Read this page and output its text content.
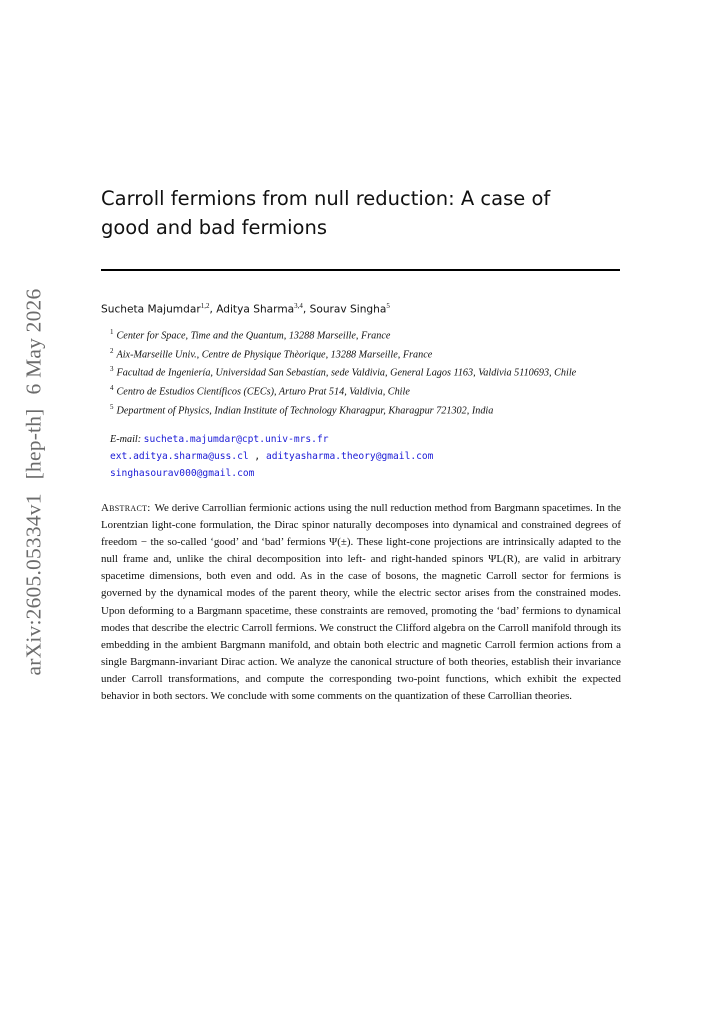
arXiv:2605.05334v1[hep-th]6 May 2026
Carroll fermions from null reduction: A case of
good and bad fermions
Sucheta Majumdar$^{1,2}$, Aditya Sharma$^{3,4}$, Sourav Singha$^5$
$^1$ Center for Space, Time and the Quantum, 13288 Marseille, France
$^2$ Aix-Marseille Univ., Centre de Physique Thèorique, 13288 Marseille, France
$^3$ Facultad de Ingeniería, Universidad San Sebastían, sede Valdivia, General Lagos 1163, Valdivia 5110693, Chile
$^4$ Centro de Estudios Científicos (CECs), Arturo Prat 514, Valdivia, Chile
$^5$ Department of Physics, Indian Institute of Technology Kharagpur, Kharagpur 721302, India
E-mail: sucheta.majumdar@cpt.univ-mrs.fr
ext.aditya.sharma@uss.cl , adityasharma.theory@gmail.com
singhasourav000@gmail.com

Abstract: We derive Carrollian fermionic actions using the null reduction method from Bargmann spacetimes. In the Lorentzian light-cone formulation, the Dirac spinor naturally decomposes into dynamical and constrained degrees of freedom − the so-called ‘good’ and ‘bad’ fermions Ψ(±). These light-cone projections are intrinsically adapted to the null frame and, unlike the chiral decomposition into left- and right-handed spinors ΨL(R), are valid in arbitrary spacetime dimensions, both even and odd. As in the case of bosons, the magnetic Carroll sector for fermions is governed by the dynamical modes of the parent theory, while the electric sector arises from the constrained modes. Upon deforming to a Bargmann spacetime, these constraints are removed, promoting the ‘bad’ fermions to dynamical modes that describe the electric Carroll fermions. We construct the Clifford algebra on the Carroll manifold through its embedding in the ambient Bargmann manifold, and obtain both electric and magnetic Carroll fermion actions from a single Bargmann-invariant Dirac action. We analyze the canonical structure of both theories, establish their invariance under Carroll transformations, and compute the corresponding two-point functions, which exhibit the expected behavior in both sectors. We conclude with some comments on the quantization of these Carrollian theories.
